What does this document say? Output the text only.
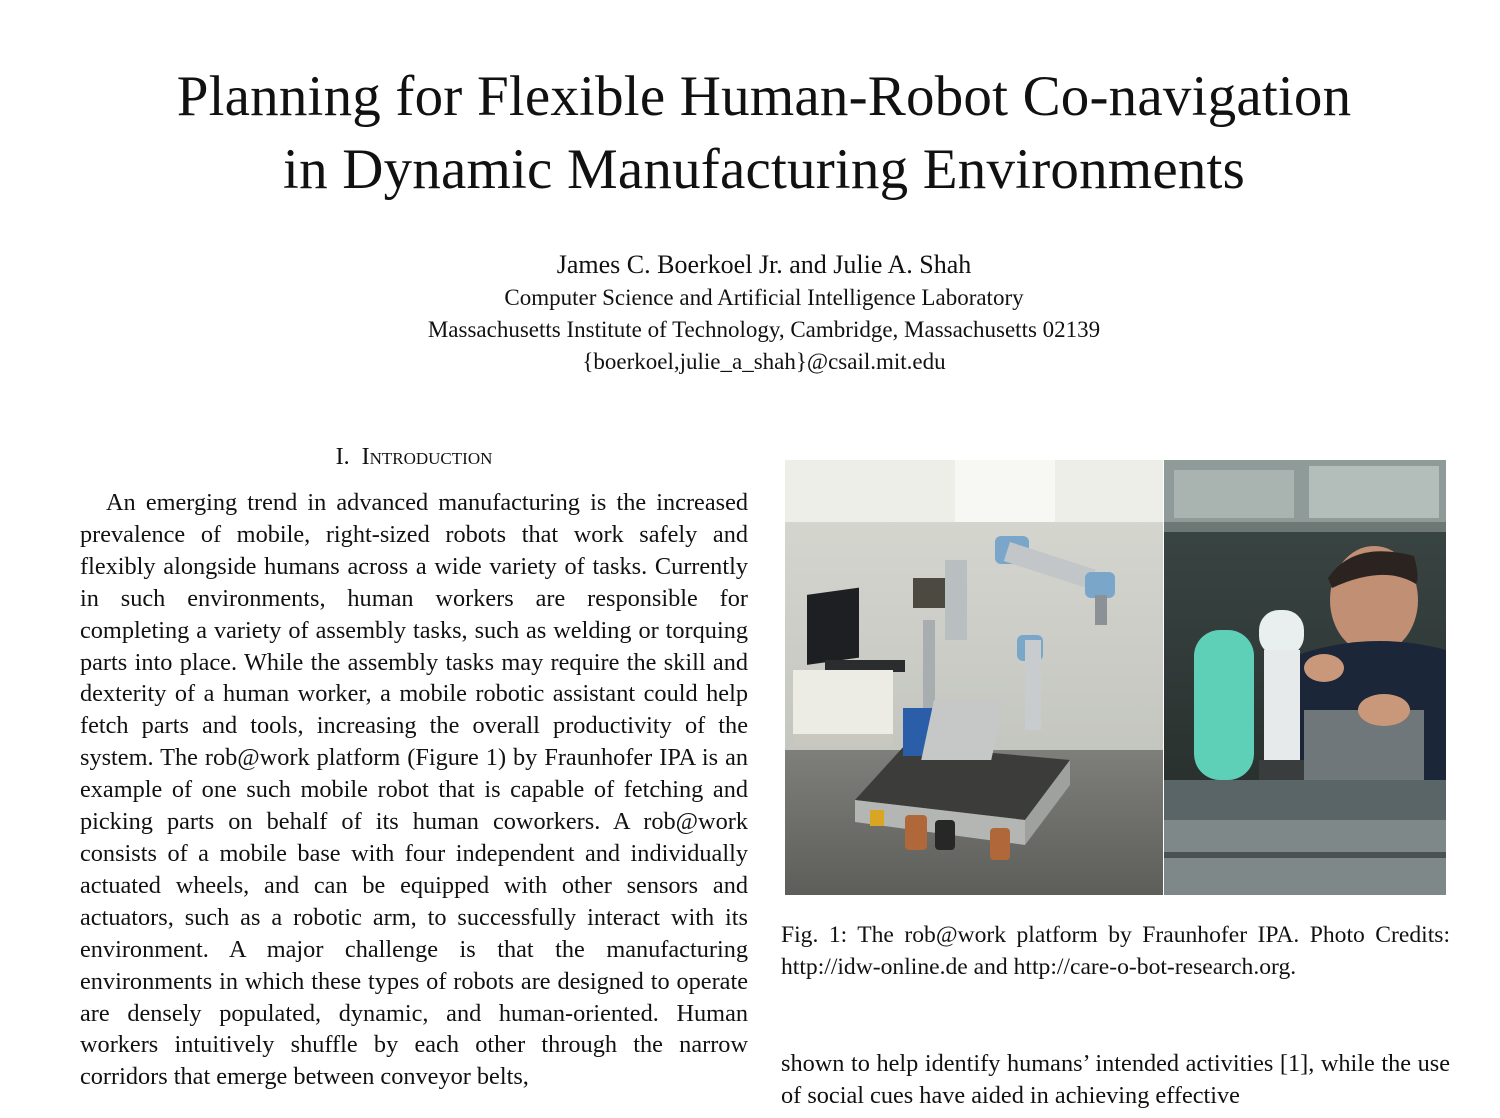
Planning for Flexible Human-Robot Co-navigation
in Dynamic Manufacturing Environments
James C. Boerkoel Jr. and Julie A. Shah
Computer Science and Artificial Intelligence Laboratory
Massachusetts Institute of Technology, Cambridge, Massachusetts 02139
{boerkoel,julie_a_shah}@csail.mit.edu
I. Introduction

An emerging trend in advanced manufacturing is the increased prevalence of mobile, right-sized robots that work safely and flexibly alongside humans across a wide variety of tasks. Currently in such environments, human workers are responsible for completing a variety of assembly tasks, such as welding or torquing parts into place. While the assembly tasks may require the skill and dexterity of a human worker, a mobile robotic assistant could help fetch parts and tools, increasing the overall productivity of the system. The rob@work platform (Figure 1) by Fraunhofer IPA is an example of one such mobile robot that is capable of fetching and picking parts on behalf of its human coworkers. A rob@work consists of a mobile base with four independent and individually actuated wheels, and can be equipped with other sensors and actuators, such as a robotic arm, to successfully interact with its environment. A major challenge is that the manufacturing environments in which these types of robots are designed to operate are densely populated, dynamic, and human-oriented. Human workers intuitively shuffle by each other through the narrow corridors that emerge between conveyor belts,

Fig. 1: The rob@work platform by Fraunhofer IPA. Photo Credits: http://idw-online.de and http://care-o-bot-research.org.

shown to help identify humans’ intended activities [1], while the use of social cues have aided in achieving effective
